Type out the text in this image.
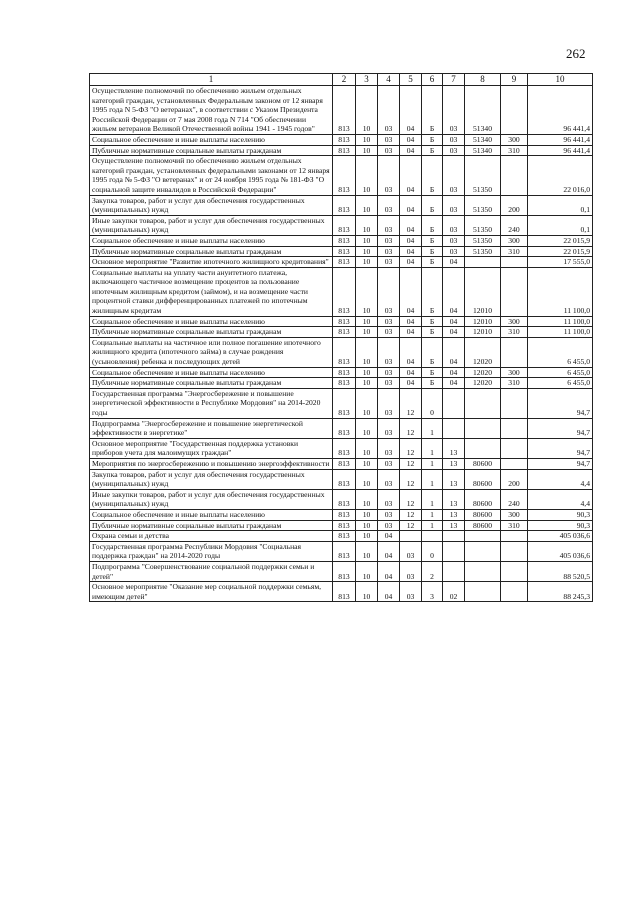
262
1	2	3	4	5	6	7	8	9	10
Осуществление полномочий по обеспечению жильем отдельных категорий граждан, установленных Федеральным законом от 12 января 1995 года N 5-ФЗ "О ветеранах", в соответствии с Указом Президента Российской Федерации от 7 мая 2008 года N 714 "Об обеспечении жильем ветеранов Великой Отечественной войны 1941 - 1945 годов"	813	10	03	04	Б	03	51340		96 441,4
Социальное обеспечение и иные выплаты населению	813	10	03	04	Б	03	51340	300	96 441,4
Публичные нормативные социальные выплаты гражданам	813	10	03	04	Б	03	51340	310	96 441,4
Осуществление полномочий по обеспечению жильем отдельных категорий граждан, установленных федеральными законами от 12 января 1995 года № 5-ФЗ "О ветеранах" и от 24 ноября 1995 года № 181-ФЗ "О социальной защите инвалидов в Российской Федерации"	813	10	03	04	Б	03	51350		22 016,0
Закупка товаров, работ и услуг для обеспечения государственных (муниципальных) нужд	813	10	03	04	Б	03	51350	200	0,1
Иные закупки товаров, работ и услуг для обеспечения государственных (муниципальных) нужд	813	10	03	04	Б	03	51350	240	0,1
Социальное обеспечение и иные выплаты населению	813	10	03	04	Б	03	51350	300	22 015,9
Публичные нормативные социальные выплаты гражданам	813	10	03	04	Б	03	51350	310	22 015,9
Основное мероприятие "Развитие ипотечного жилищного кредитования"	813	10	03	04	Б	04			17 555,0
Социальные выплаты на уплату части ануитетного платежа, включающего частичное возмещение процентов за пользование ипотечным жилищным кредитом (займом), и на возмещение части процентной ставки дифференцированных платежей по ипотечным жилищным кредитам	813	10	03	04	Б	04	12010		11 100,0
Социальное обеспечение и иные выплаты населению	813	10	03	04	Б	04	12010	300	11 100,0
Публичные нормативные социальные выплаты гражданам	813	10	03	04	Б	04	12010	310	11 100,0
Социальные выплаты на частичное или полное погашение ипотечного жилищного кредита (ипотечного займа) в случае рождения (усыновления) ребенка и последующих детей	813	10	03	04	Б	04	12020		6 455,0
Социальное обеспечение и иные выплаты населению	813	10	03	04	Б	04	12020	300	6 455,0
Публичные нормативные социальные выплаты гражданам	813	10	03	04	Б	04	12020	310	6 455,0
Государственная программа "Энергосбережение и повышение энергетической эффективности в Республике Мордовия" на 2014-2020 годы	813	10	03	12	0				94,7
Подпрограмма "Энергосбережение и повышение энергетической эффективности в энергетике"	813	10	03	12	1				94,7
Основное мероприятие "Государственная поддержка установки приборов учета для малоимущих граждан"	813	10	03	12	1	13			94,7
Мероприятия по энергосбережению и повышению энергоэффективности	813	10	03	12	1	13	80600		94,7
Закупка товаров, работ и услуг для обеспечения государственных (муниципальных) нужд	813	10	03	12	1	13	80600	200	4,4
Иные закупки товаров, работ и услуг для обеспечения государственных (муниципальных) нужд	813	10	03	12	1	13	80600	240	4,4
Социальное обеспечение и иные выплаты населению	813	10	03	12	1	13	80600	300	90,3
Публичные нормативные социальные выплаты гражданам	813	10	03	12	1	13	80600	310	90,3
Охрана семьи и детства	813	10	04						405 036,6
Государственная программа Республики Мордовия "Социальная поддержка граждан" на 2014-2020 годы	813	10	04	03	0				405 036,6
Подпрограмма "Совершенствование социальной поддержки семьи и детей"	813	10	04	03	2				88 520,5
Основное мероприятие "Оказание мер социальной поддержки семьям, имеющим детей"	813	10	04	03	3	02			88 245,3
